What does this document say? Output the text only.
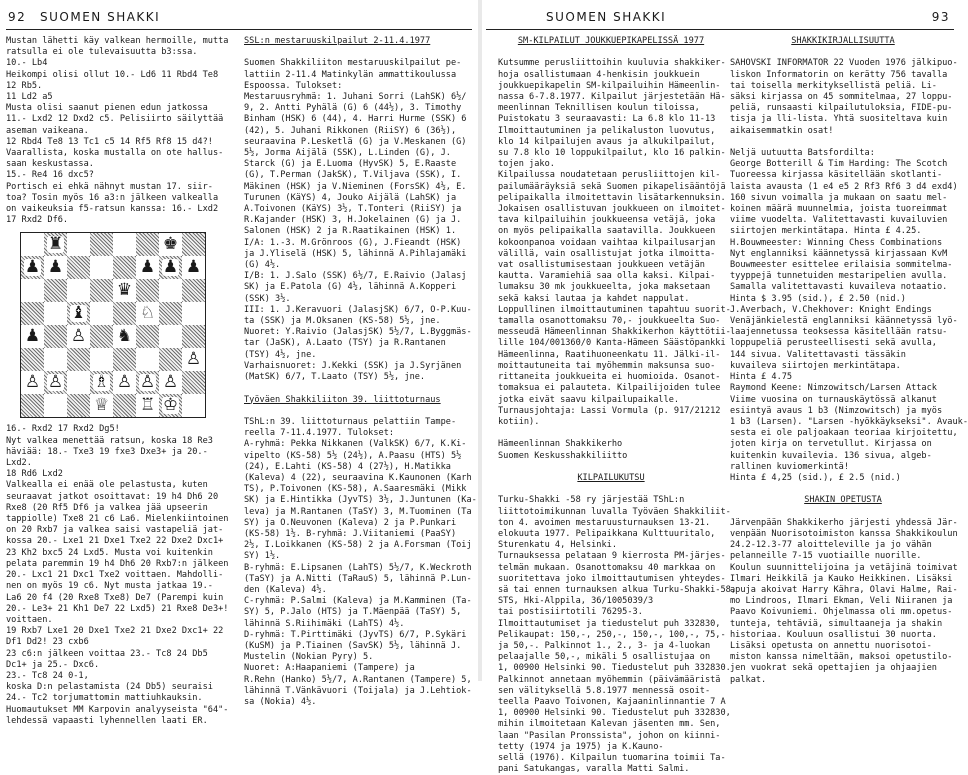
92 SUOMEN SHAKKI

Mustan lähetti käy valkean hermoille, mutta

ratsulla ei ole tulevaisuutta b3:ssa.

10.- Lb4

Heikompi olisi ollut 10.- Ld6 11 Rbd4 Te8

12 Rb5.

11 Ld2 a5

Musta olisi saanut pienen edun jatkossa

11.- Lxd2 12 Dxd2 c5. Pelisiirto säilyttää

aseman vaikeana.

12 Rbd4 Te8 13 Tc1 c5 14 Rf5 Rf8 15 d4?!

Vaarallista, koska mustalla on ote hallus-

saan keskustassa.

15.- Re4 16 dxc5?

Portisch ei ehkä nähnyt mustan 17. siir-

toa? Tosin myös 16 a3:n jälkeen valkealla

on vaikeuksia f5-ratsun kanssa: 16.- Lxd2

17 Rxd2 Df6.

♜	♚
♟ ♟	♟ ♟ ♟
♛
♝	♘
♟ ♙ ♞
♙
♙ ♙ ♗ ♙ ♙ ♙
♕ ♖ ♔

16.- Rxd2 17 Rxd2 Dg5!

Nyt valkea menettää ratsun, koska 18 Re3

häviää: 18.- Txe3 19 fxe3 Dxe3+ ja 20.-

Lxd2.

18 Rd6 Lxd2

Valkealla ei enää ole pelastusta, kuten

seuraavat jatkot osoittavat: 19 h4 Dh6 20

Rxe8 (20 Rf5 Df6 ja valkea jää upseerin

tappiolle) Txe8 21 c6 La6. Mielenkiintoinen

on 20 Rxb7 ja valkea saisi vastapeliä jat-

kossa 20.- Lxe1 21 Dxe1 Txe2 22 Dxe2 Dxc1+

23 Kh2 bxc5 24 Lxd5. Musta voi kuitenkin

pelata paremmin 19 h4 Dh6 20 Rxb7:n jälkeen

20.- Lxc1 21 Dxc1 Txe2 voittaen. Mahdolli-

nen on myös 19 c6. Nyt musta jatkaa 19.-

La6 20 f4 (20 Rxe8 Txe8) De7 (Parempi kuin

20.- Le3+ 21 Kh1 De7 22 Lxd5) 21 Rxe8 De3+!

voittaen.

19 Rxb7 Lxe1 20 Dxe1 Txe2 21 Dxe2 Dxc1+ 22

Df1 Dd2! 23 cxb6

23 c6:n jälkeen voittaa 23.- Tc8 24 Db5

Dc1+ ja 25.- Dxc6.

23.- Tc8 24 0-1,

koska D:n pelastamista (24 Db5) seuraisi

24.- Tc2 torjumattomin mattiuhkauksin.

Huomautukset MM Karpovin analyyseista "64"-

lehdessä vapaasti lyhennellen laati ER.

SSL:n mestaruuskilpailut 2-11.4.1977

Suomen Shakkiliiton mestaruuskilpailut pe-

lattiin 2-11.4 Matinkylän ammattikoulussa

Espoossa. Tulokset:

Mestaruusryhmä: 1. Juhani Sorri (LahSK) 6½/

9, 2. Antti Pyhälä (G) 6 (44½), 3. Timothy

Binham (HSK) 6 (44), 4. Harri Hurme (SSK) 6

(42), 5. Juhani Rikkonen (RiiSY) 6 (36½),

seuraavina P.Lesketlä (G) ja V.Meskanen (G)

5½, Jorma Aijälä (SSK), L.Linden (G), J.

Starck (G) ja E.Luoma (HyvSK) 5, E.Raaste

(G), T.Perman (JakSK), T.Viljava (SSK), I.

Mäkinen (HSK) ja V.Nieminen (ForsSK) 4½, E.

Turunen (KäYS) 4, Jouko Aijälä (LahSK) ja

A.Toivonen (KäYS) 3½, T.Tonteri (RiiSY) ja

R.Kajander (HSK) 3, H.Jokelainen (G) ja J.

Salonen (HSK) 2 ja R.Raatikainen (HSK) 1.

I/A: 1.-3. M.Grönroos (G), J.Fieandt (HSK)

ja J.Yliselä (HSK) 5, lähinnä A.Pihlajamäki

(G) 4½.

I/B: 1. J.Salo (SSK) 6½/7, E.Raivio (Jalasj

SK) ja E.Patola (G) 4½, lähinnä A.Kopperi

(SSK) 3½.

III: 1. J.Keravuori (JalasjSK) 6/7, O-P.Kuu-

ta (SSK) ja M.Oksanen (KS-58) 5½, jne.

Nuoret: Y.Raivio (JalasjSK) 5½/7, L.Byggmäs-

tar (JaSK), A.Laato (TSY) ja R.Rantanen

(TSY) 4½, jne.

Varhaisnuoret: J.Kekki (SSK) ja J.Syrjänen

(MatSK) 6/7, T.Laato (TSY) 5½, jne.

Työväen Shakkiliiton 39. liittoturnaus

TShL:n 39. liittoturnaus pelattiin Tampe-

reella 7-11.4.1977. Tulokset:

A-ryhmä: Pekka Nikkanen (ValkSK) 6/7, K.Ki-

vipelto (KS-58) 5½ (24½), A.Paasu (HTS) 5½

(24), E.Lahti (KS-58) 4 (27½), H.Matikka

(Kaleva) 4 (22), seuraavina K.Kaunonen (Karh

TS), P.Toivonen (KS-58), A.Saaresmäki (Mikk

SK) ja E.Hintikka (JyvTS) 3½, J.Juntunen (Ka-

leva) ja M.Rantanen (TaSY) 3, M.Tuominen (Ta

SY) ja O.Neuvonen (Kaleva) 2 ja P.Punkari

(KS-58) 1½. B-ryhmä: J.Viitaniemi (PaaSY)

2½, I.Loikkanen (KS-58) 2 ja A.Forsman (Toij

SY) 1½.

B-ryhmä: E.Lipsanen (LahTS) 5½/7, K.Weckroth

(TaSY) ja A.Nitti (TaRauS) 5, lähinnä P.Lun-

den (Kaleva) 4½.

C-ryhmä: P.Salmi (Kaleva) ja M.Kamminen (Ta-

SY) 5, P.Jalo (HTS) ja T.Mäenpää (TaSY) 5,

lähinnä S.Riihimäki (LahTS) 4½.

D-ryhmä: T.Pirttimäki (JyvTS) 6/7, P.Sykäri

(KuSM) ja P.Tiainen (SavSK) 5½, lähinnä J.

Mustelin (Nokian Pyry) 5.

Nuoret: A:Haapaniemi (Tampere) ja

R.Rehn (Hanko) 5½/7, A.Rantanen (Tampere) 5,

lähinnä T.Vänkävuori (Toijala) ja J.Lehtiok-

sa (Nokia) 4½.

SUOMEN SHAKKI	93

SM-KILPAILUT JOUKKUEPIKAPELISSÄ 1977

Kutsumme perusliittoihin kuuluvia shakkiker-

hoja osallistumaan 4-henkisin joukkuein

joukkuepikapelin SM-kilpailuihin Hämeenlin-

nassa 6-7.8.1977. Kilpailut järjestetään Hä-

meenlinnan Teknillisen koulun tiloissa,

Puistokatu 3 seuraavasti: La 6.8 klo 11-13

Ilmoittautuminen ja pelikaluston luovutus,

klo 14 kilpailujen avaus ja alkukilpailut,

su 7.8 klo 10 loppukilpailut, klo 16 palkin-

tojen jako.

Kilpailussa noudatetaan perusliittojen kil-

pailumääräyksiä sekä Suomen pikapelisääntöjä

pelipaikalla ilmoitettavin lisätarkennuksin.

Jokaisen osallistuvan joukkueen on ilmoitet-

tava kilpailuihin joukkueensa vetäjä, joka

on myös pelipaikalla saatavilla. Joukkueen

kokoonpanoa voidaan vaihtaa kilpailusarjan

välillä, vain osallistujat jotka ilmoitta-

vat osallistumisestaan joukkueen vetäjän

kautta. Varamiehiä saa olla kaksi. Kilpai-

lumaksu 30 mk joukkueelta, joka maksetaan

sekä kaksi lautaa ja kahdet nappulat.

Loppullinen ilmoittautuminen tapahtuu suorit-

tamalla osanottomaksu 70,- joukkueelta Suo-

messeudä Hämeenlinnan Shakkikerhon käyttötii-

lille 104/001360/0 Kanta-Hämeen Säästöpankki

Hämeenlinna, Raatihuoneenkatu 11. Jälki-il-

moittautuneita tai myöhemmin maksunsa suo-

rittaneita joukkueita ei huomioida. Osanot-

tomaksua ei palauteta. Kilpailijoiden tulee

jotka eivät saavu kilpailupaikalle.

Turnausjohtaja: Lassi Vormula (p. 917/21212

kotiin).

Hämeenlinnan Shakkikerho

Suomen Keskusshakkiliitto

KILPAILUKUTSU

Turku-Shakki -58 ry järjestää TShL:n

liittotoimikunnan luvalla Työväen Shakkiliit-

ton 4. avoimen mestaruusturnauksen 13-21.

elokuuta 1977. Pelipaikkana Kulttuuritalo,

Sturenkatu 4, Helsinki.

Turnauksessa pelataan 9 kierrosta PM-järjes-

telmän mukaan. Osanottomaksu 40 markkaa on

suoritettava joko ilmoittautumisen yhteydes-

sä tai ennen turnauksen alkua Turku-Shakki-58,

STS, Hki-Alppila, 36/1005039/3

tai postisiirtotili 76295-3.

Ilmoittautumiset ja tiedustelut puh 332830,

Pelikaupat: 150,-, 250,-, 150,-, 100,-, 75,-

ja 50,-. Palkinnot 1., 2., 3- ja 4-luokan

pelaajalle 50,-, mikäli 5 osallistujaa on

1, 00900 Helsinki 90. Tiedustelut puh 332830.

Palkinnot annetaan myöhemmin (päivämääristä

sen välityksellä 5.8.1977 mennessä osoit-

teella Paavo Toivonen, Kajaaninlinnantie 7 A

1, 00900 Helsinki 90. Tiedustelut puh 332830,

mihin ilmoitetaan Kalevan jäsenten mm. Sen,

laan "Pasilan Pronssista", johon on kiinni-

tetty (1974 ja 1975) ja K.Kauno-

sellä (1976). Kilpailun tuomarina toimii Ta-

pani Satukangas, varalla Matti Salmi.

SHAKKIKIRJALLISUUTTA

SAHOVSKI INFORMATOR 22 Vuoden 1976 jälkipuo-

liskon Informatorin on kerätty 756 tavalla

tai toisella merkityksellistä peliä. Li-

säksi kirjassa on 45 sommitelmaa, 27 loppu-

peliä, runsaasti kilpailutuloksia, FIDE-pu-

tisja ja lli-lista. Yhtä suositeltava kuin

aikaisemmatkin osat!

Neljä uutuutta Batsfordilta:

George Botterill & Tim Harding: The Scotch

Tuoreessa kirjassa käsitellään skotlanti-

laista avausta (1 e4 e5 2 Rf3 Rf6 3 d4 exd4)

160 sivun voimalla ja mukaan on saatu mel-

koinen määrä muunnelmia, joista tuoreimmat

viime vuodelta. Valitettavasti kuvailuvien

siirtojen merkintätapa. Hinta £ 4.25.

H.Bouwmeester: Winning Chess Combinations

Nyt englanniksi käännetyssä kirjassaan KvM

Bouwmeester esittelee erilaisia sommitelma-

tyyppejä tunnetuiden mestaripelien avulla.

Samalla valitettavasti kuvaileva notaatio.

Hinta $ 3.95 (sid.), £ 2.50 (nid.)

J.Averbach, V.Chekhover: Knight Endings

Venäjänkielestä englanniksi käännetyssä lyö-

laajennetussa teoksessa käsitellään ratsu-

loppupeliä perusteellisesti sekä avulla,

144 sivua. Valitettavasti tässäkin

kuvaileva siirtojen merkintätapa.

Hinta £ 4.75

Raymond Keene: Nimzowitsch/Larsen Attack

Viime vuosina on turnauskäytössä alkanut

esiintyä avaus 1 b3 (Nimzowitsch) ja myös

1 b3 (Larsen). "Larsen -hyökkäykseksi". Avauk-

sesta ei ole paljoakaan teoriaa kirjoitettu,

joten kirja on tervetullut. Kirjassa on

kuitenkin kuvailevia. 136 sivua, algeb-

rallinen kuviomerkintä!

Hinta £ 4,25 (sid.), £ 2.5 (nid.)

SHAKIN OPETUSTA

Järvenpään Shakkikerho järjesti yhdessä Jär-

venpään Nuorisotoimiston kanssa Shakkikoulun

24.2-12.3-77 aloitteleville ja jo vähän

pelanneille 7-15 vuotiaille nuorille.

Koulun suunnittelijoina ja vetäjinä toimivat

Ilmari Heikkilä ja Kauko Heikkinen. Lisäksi

apuja akoivat Harry Kähra, Olavi Halme, Rai-

mo Lindroos, Ilmari Ekman, Veli Niiranen ja

Paavo Koivuniemi. Ohjelmassa oli mm.opetus-

tunteja, tehtäviä, simultaaneja ja shakin

historiaa. Kouluun osallistui 30 nuorta.

Lisäksi opetusta on annettu nuorisotoi-

miston kanssa nimeltään, maksoi opetustilo-

jen vuokrat sekä opettajien ja ohjaajien

palkat.
